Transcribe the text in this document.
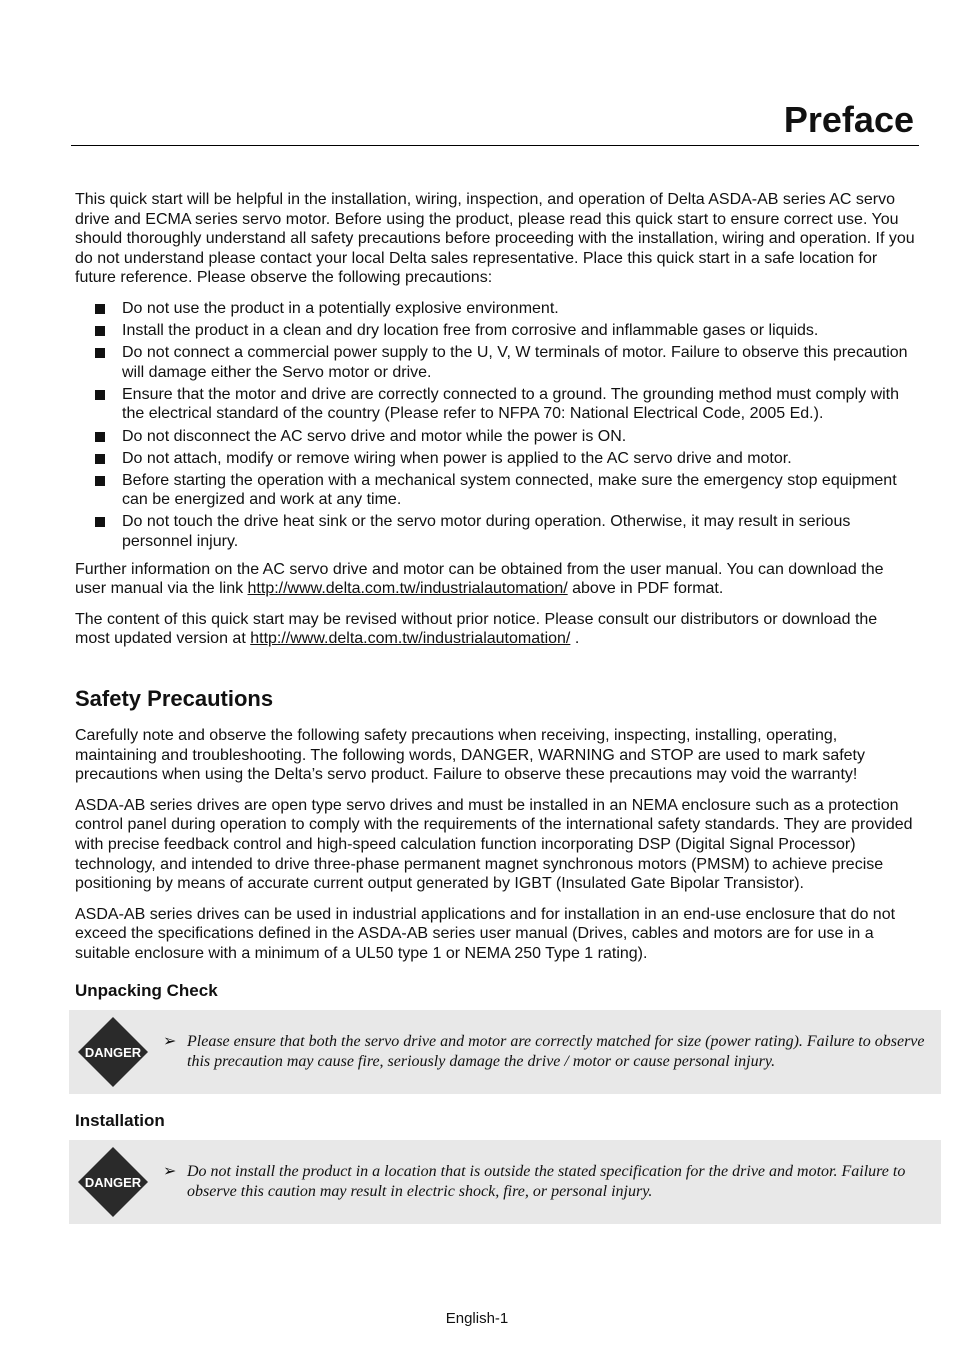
Preface

This quick start will be helpful in the installation, wiring, inspection, and operation of Delta ASDA-AB series AC servo drive and ECMA series servo motor. Before using the product, please read this quick start to ensure correct use. You should thoroughly understand all safety precautions before proceeding with the installation, wiring and operation. If you do not understand please contact your local Delta sales representative. Place this quick start in a safe location for future reference. Please observe the following precautions:

Do not use the product in a potentially explosive environment.
Install the product in a clean and dry location free from corrosive and inflammable gases or liquids.
Do not connect a commercial power supply to the U, V, W terminals of motor. Failure to observe this precaution will damage either the Servo motor or drive.
Ensure that the motor and drive are correctly connected to a ground. The grounding method must comply with the electrical standard of the country (Please refer to NFPA 70: National Electrical Code, 2005 Ed.).
Do not disconnect the AC servo drive and motor while the power is ON.
Do not attach, modify or remove wiring when power is applied to the AC servo drive and motor.
Before starting the operation with a mechanical system connected, make sure the emergency stop equipment can be energized and work at any time.
Do not touch the drive heat sink or the servo motor during operation. Otherwise, it may result in serious personnel injury.

Further information on the AC servo drive and motor can be obtained from the user manual. You can download the user manual via the link http://www.delta.com.tw/industrialautomation/ above in PDF format.

The content of this quick start may be revised without prior notice. Please consult our distributors or download the most updated version at http://www.delta.com.tw/industrialautomation/ .

Safety Precautions

Carefully note and observe the following safety precautions when receiving, inspecting, installing, operating, maintaining and troubleshooting. The following words, DANGER, WARNING and STOP are used to mark safety precautions when using the Delta’s servo product. Failure to observe these precautions may void the warranty!

ASDA-AB series drives are open type servo drives and must be installed in an NEMA enclosure such as a protection control panel during operation to comply with the requirements of the international safety standards. They are provided with precise feedback control and high-speed calculation function incorporating DSP (Digital Signal Processor) technology, and intended to drive three-phase permanent magnet synchronous motors (PMSM) to achieve precise positioning by means of accurate current output generated by IGBT (Insulated Gate Bipolar Transistor).

ASDA-AB series drives can be used in industrial applications and for installation in an end-use enclosure that do not exceed the specifications defined in the ASDA-AB series user manual (Drives, cables and motors are for use in a suitable enclosure with a minimum of a UL50 type 1 or NEMA 250 Type 1 rating).

Unpacking Check
DANGER
➢ Please ensure that both the servo drive and motor are correctly matched for size (power rating). Failure to observe this precaution may cause fire, seriously damage the drive / motor or cause personal injury.
Installation
DANGER
➢ Do not install the product in a location that is outside the stated specification for the drive and motor. Failure to observe this caution may result in electric shock, fire, or personal injury.
English-1
